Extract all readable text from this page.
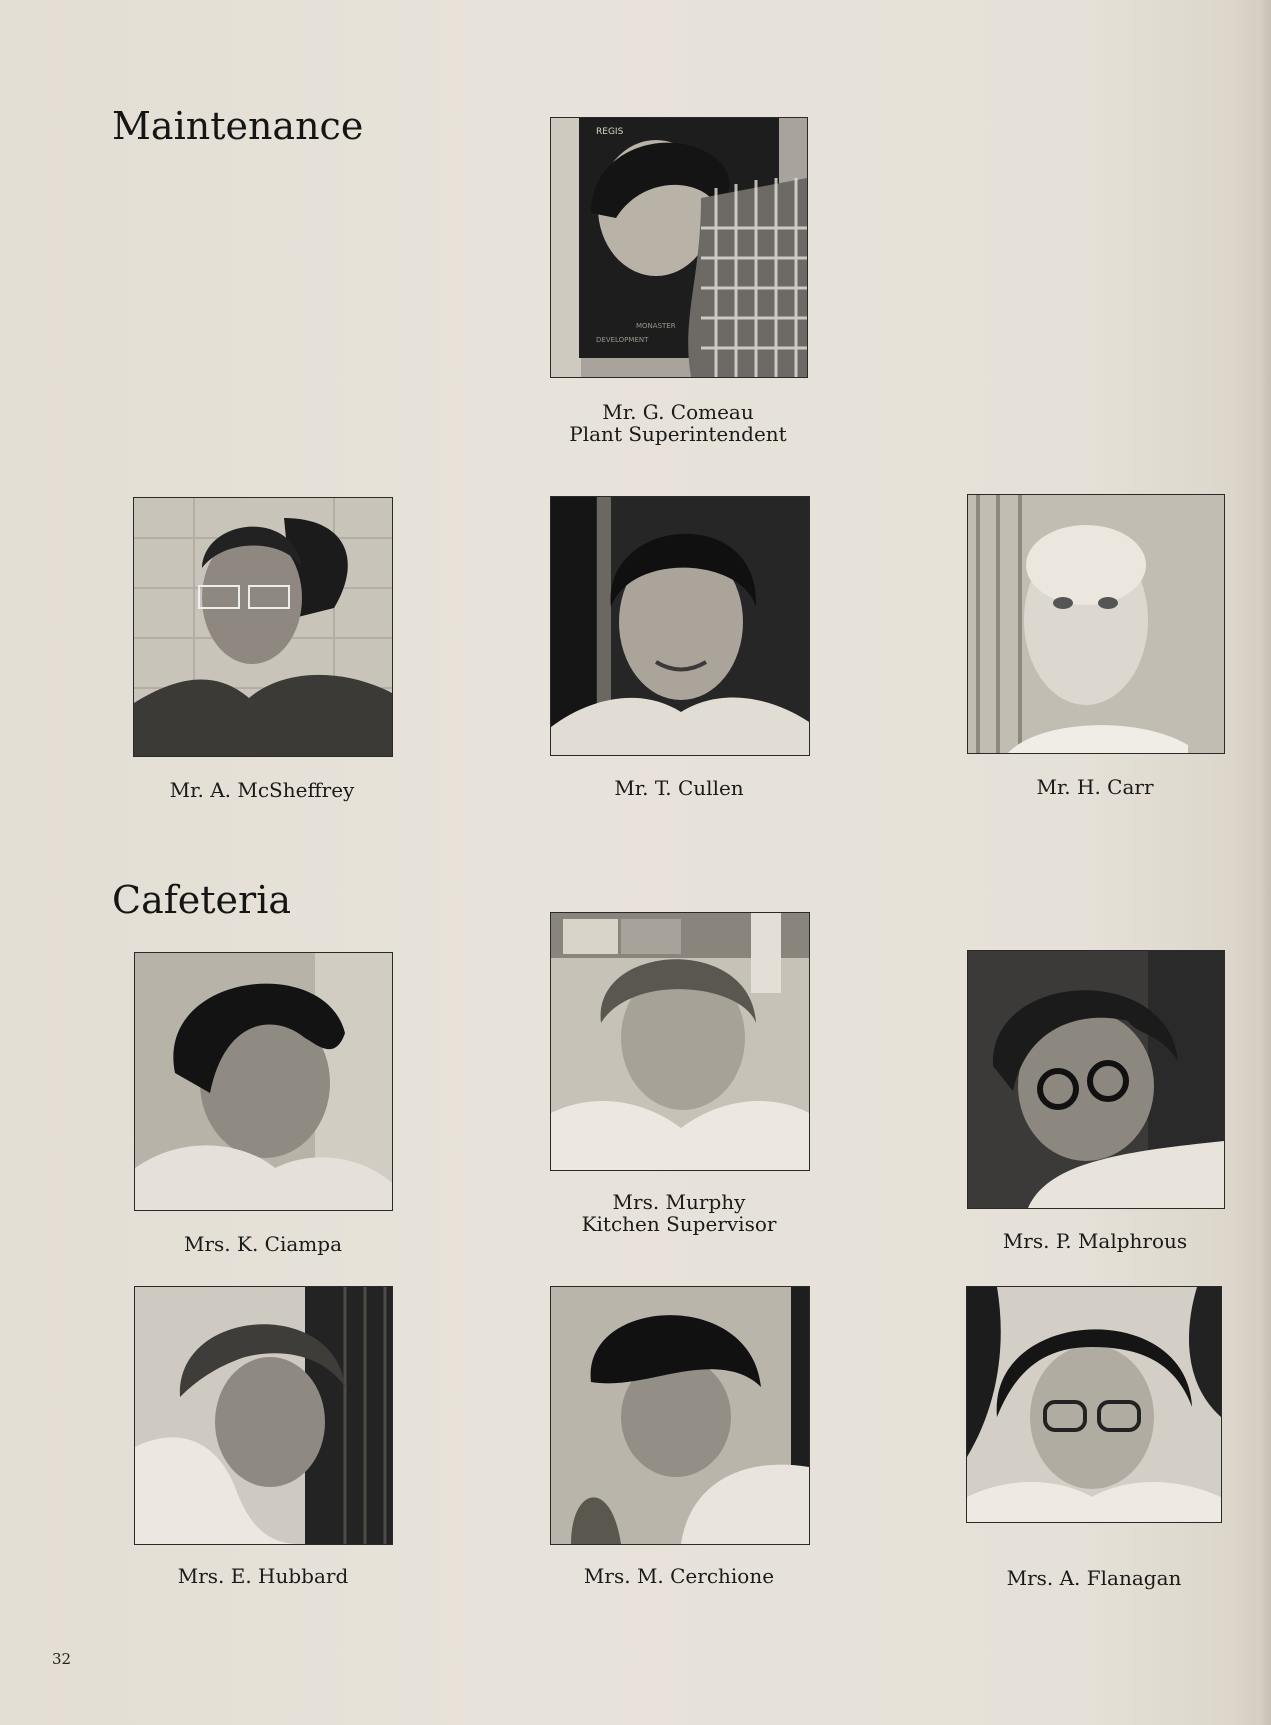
Maintenance	REGIS
MONASTER
DEVELOPMENT
Mr. G. Comeau
Plant Superintendent
Mr. A. McSheffrey	Mr. T. Cullen	Mr. H. Carr
Cafeteria
Mrs. K. Ciampa
Mrs. Murphy
Kitchen Supervisor
Mrs. P. Malphrous
Mrs. E. Hubbard	Mrs. M. Cerchione	Mrs. A. Flanagan
32
